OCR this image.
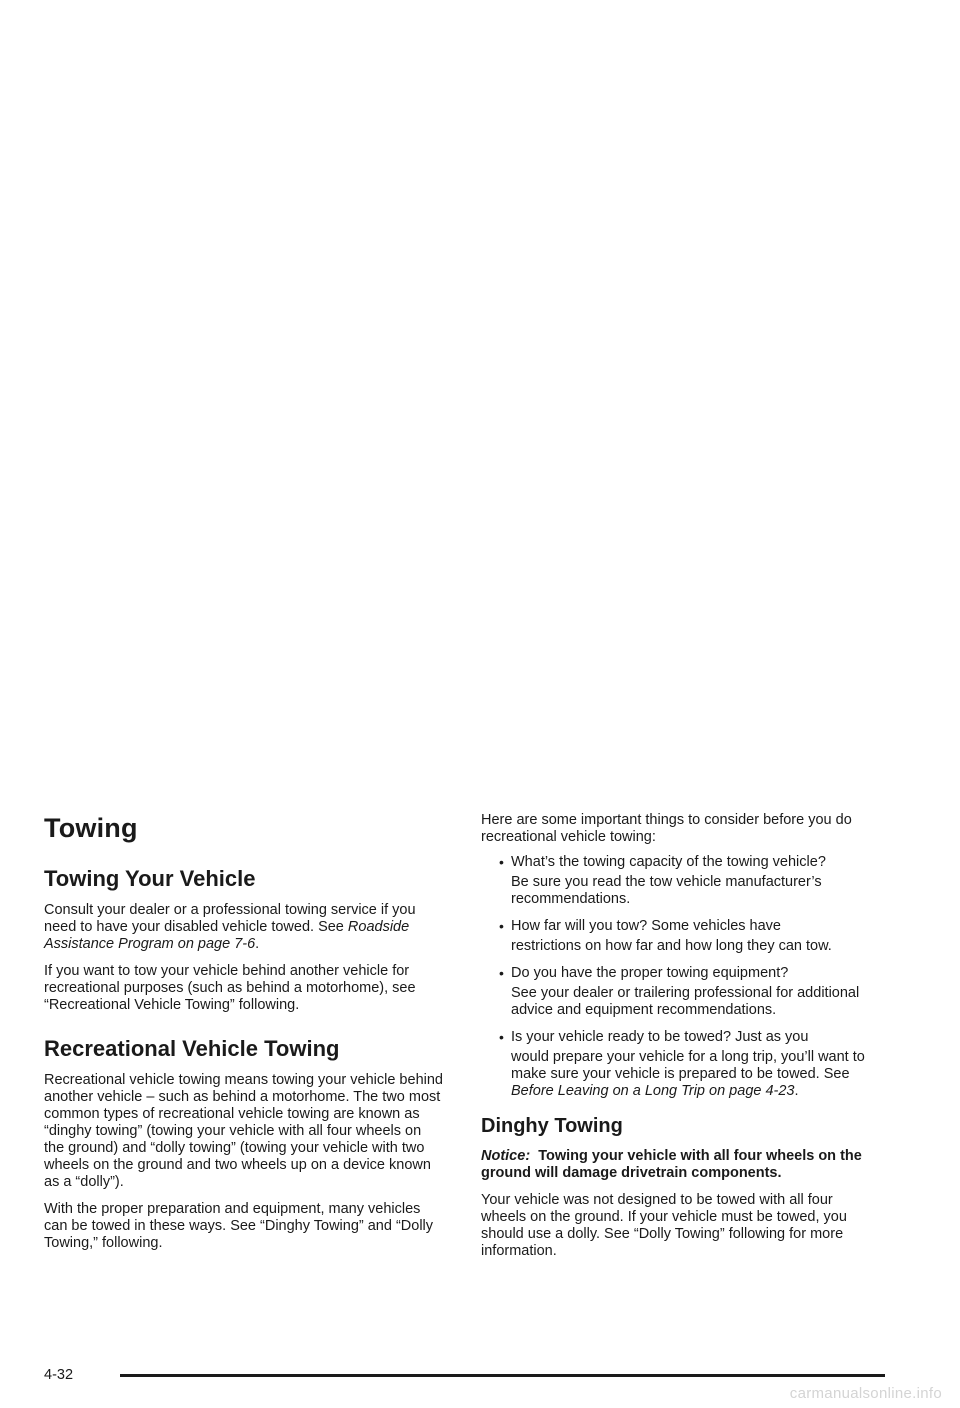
Towing
Towing Your Vehicle

Consult your dealer or a professional towing service if you need to have your disabled vehicle towed. See Roadside Assistance Program on page 7-6.

If you want to tow your vehicle behind another vehicle for recreational purposes (such as behind a motorhome), see “Recreational Vehicle Towing” following.

Recreational Vehicle Towing

Recreational vehicle towing means towing your vehicle behind another vehicle – such as behind a motorhome. The two most common types of recreational vehicle towing are known as “dinghy towing” (towing your vehicle with all four wheels on the ground) and “dolly towing” (towing your vehicle with two wheels on the ground and two wheels up on a device known as a “dolly”).

With the proper preparation and equipment, many vehicles can be towed in these ways. See “Dinghy Towing” and “Dolly Towing,” following.

Here are some important things to consider before you do recreational vehicle towing:

• What’s the towing capacity of the towing vehicle?
Be sure you read the tow vehicle manufacturer’s recommendations.
• How far will you tow? Some vehicles have
restrictions on how far and how long they can tow.
• Do you have the proper towing equipment?
See your dealer or trailering professional for additional advice and equipment recommendations.
• Is your vehicle ready to be towed? Just as you
would prepare your vehicle for a long trip, you’ll want to make sure your vehicle is prepared to be towed. See Before Leaving on a Long Trip on page 4-23.
Dinghy Towing

Notice: Towing your vehicle with all four wheels on the ground will damage drivetrain components.

Your vehicle was not designed to be towed with all four wheels on the ground. If your vehicle must be towed, you should use a dolly. See “Dolly Towing” following for more information.

4-32
carmanualsonline.info
